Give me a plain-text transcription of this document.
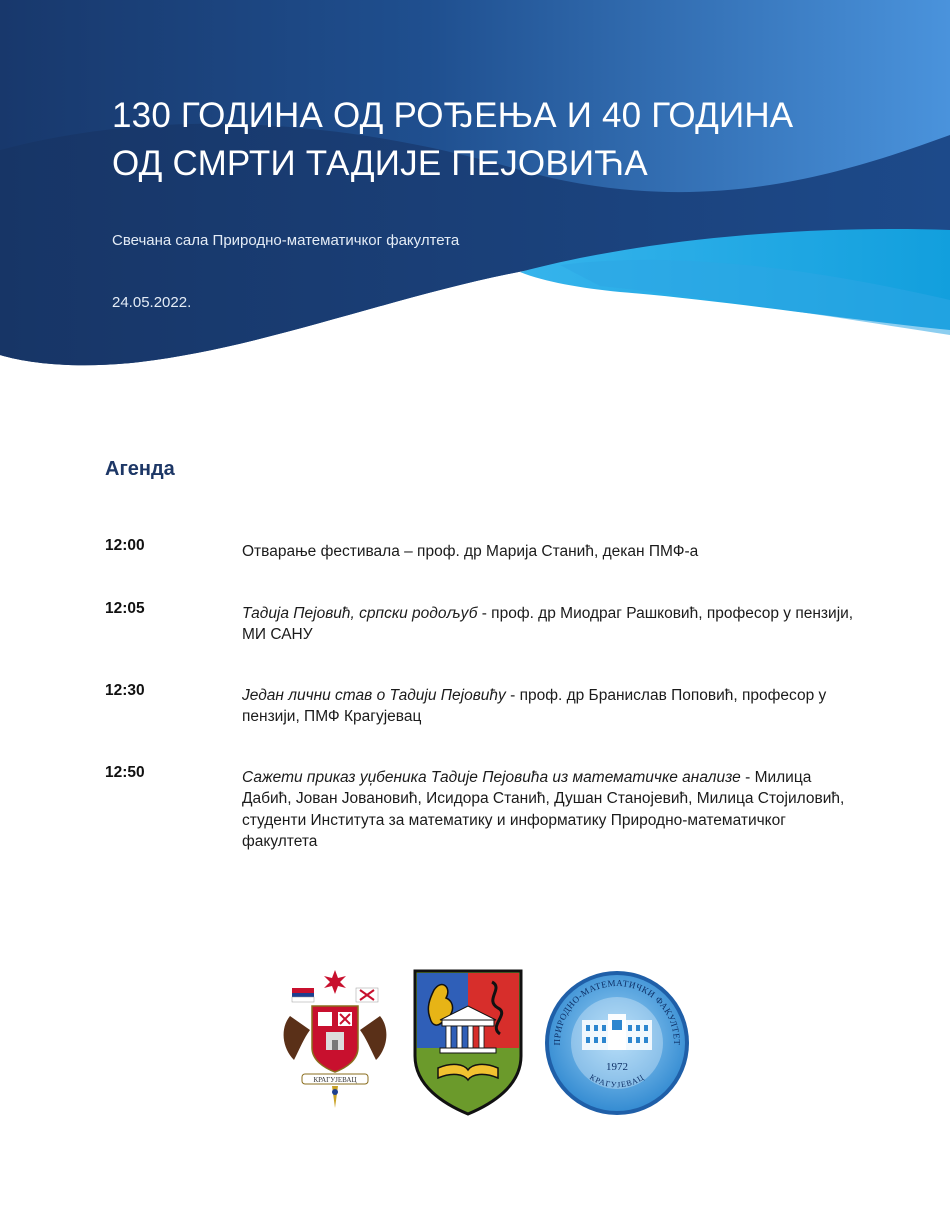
130 ГОДИНА ОД РОЂЕЊА И 40 ГОДИНА
ОД СМРТИ ТАДИЈЕ ПЕЈОВИЋА
Свечана сала Природно-математичког факултета
24.05.2022.
Агенда
12:00	Отварање фестивала – проф. др Марија Станић, декан ПМФ-а
12:05	Тадија Пејовић, српски родољуб - проф. др Миодраг Рашковић, професор у пензији, МИ САНУ
12:30	Један лични став о Тадији Пејовићу - проф. др Бранислав Поповић, професор у пензији, ПМФ Крагујевац
12:50	Сажети приказ уџбеника Тадије Пејовића из математичке анализе - Милица Дабић, Јован Јовановић, Исидора Станић, Душан Станојевић, Милица Стојиловић, студенти Института за математику и информатику Природно-математичког факултета
КРАГУЈЕВАЦ
ПРИРОДНО-МАТЕМАТИЧКИ ФАКУЛТЕТ
1972
КРАГУЈЕВАЦ
